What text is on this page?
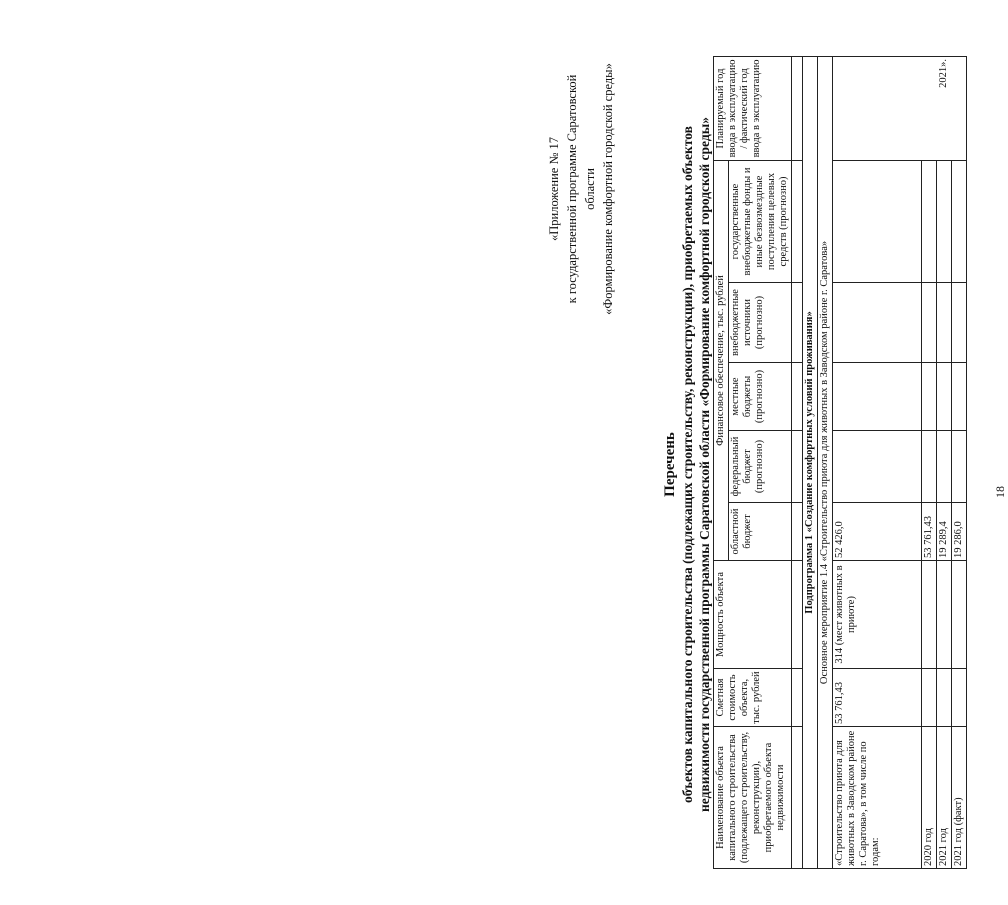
18
«Приложение № 17 к государственной программе Саратовской области «Формирование комфортной городской среды»
Перечень объектов капитального строительства (подлежащих строительству, реконструкции), приобретаемых объектов недвижимости государственной программы Саратовской области «Формирование комфортной городской среды» Наименование объекта капитального строительства (подлежащего строительству, реконструкции), приобретаемого объекта недвижимости	Сметная стоимость объекта, тыс. рублей	Мощность объекта	Финансовое обеспечение, тыс. рублей					Планируемый год ввода в эксплуатацию / фактический год ввода в эксплуатацию
			областной бюджет	федеральный бюджет (прогнозно)	местные бюджеты (прогнозно)	внебюджетные источники (прогнозно)	государственные внебюджетные фонды и иные безвозмездные поступления целевых средств (прогнозно)	

Подпрограмма 1 «Создание комфортных условий проживания»								
Основное мероприятие 1.4 «Строительство приюта для животных в Заводском районе г. Саратова»								
«Строительство приюта для животных в Заводском районе г. Саратова», в том числе по годам:	53 761,43	314 (мест животных в приюте)	52 426,0					
2020 год			53 761,43					
2021 год			19 289,4					2021».
2021 год (факт)			19 286,0					
